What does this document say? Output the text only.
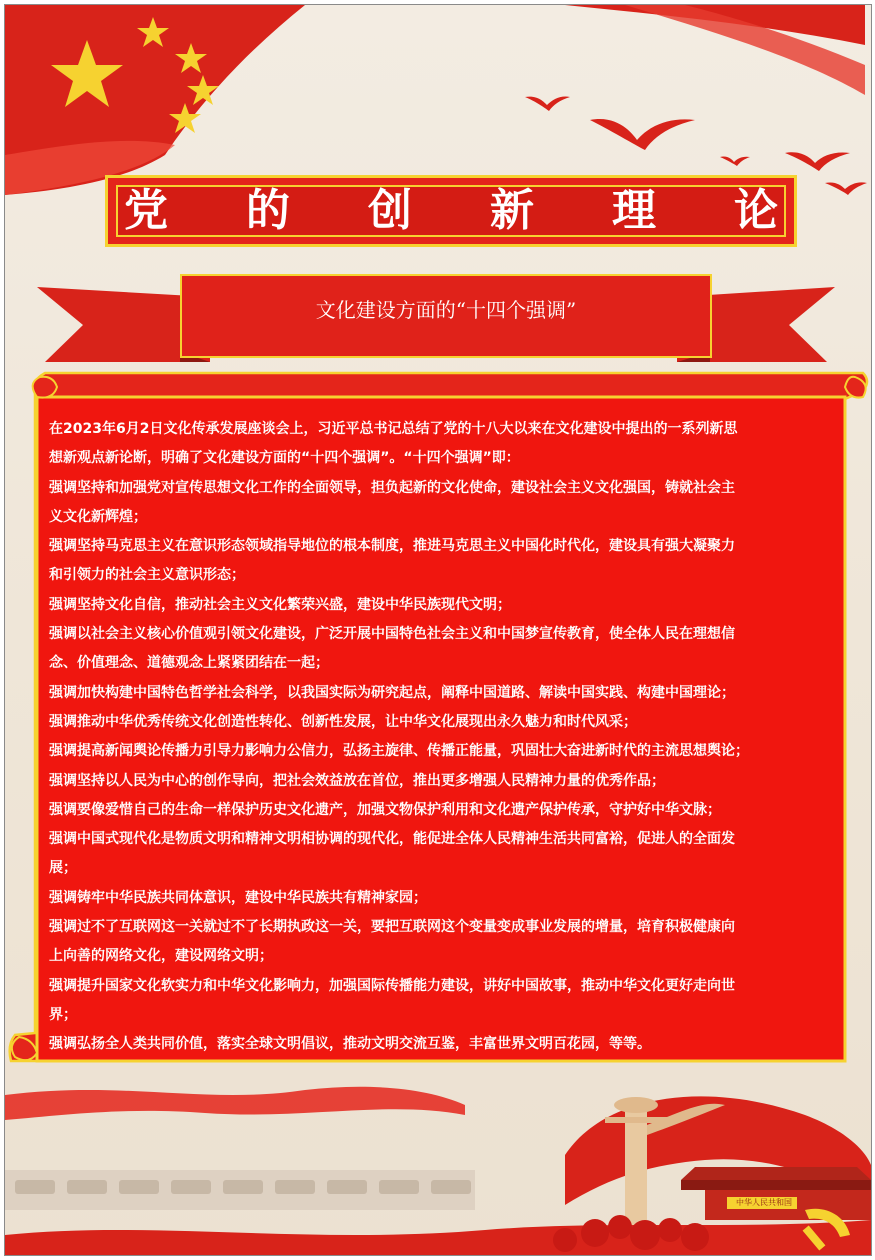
中华人民共和国
党 的 创 新 理 论
文化建设方面的“十四个强调”

在2023年6月2日文化传承发展座谈会上，习近平总书记总结了党的十八大以来在文化建设中提出的一系列新思

想新观点新论断，明确了文化建设方面的“十四个强调”。“十四个强调”即：

强调坚持和加强党对宣传思想文化工作的全面领导，担负起新的文化使命，建设社会主义文化强国，铸就社会主

义文化新辉煌；

强调坚持马克思主义在意识形态领域指导地位的根本制度，推进马克思主义中国化时代化，建设具有强大凝聚力

和引领力的社会主义意识形态；

强调坚持文化自信，推动社会主义文化繁荣兴盛，建设中华民族现代文明；

强调以社会主义核心价值观引领文化建设，广泛开展中国特色社会主义和中国梦宣传教育，使全体人民在理想信

念、价值理念、道德观念上紧紧团结在一起；

强调加快构建中国特色哲学社会科学，以我国实际为研究起点，阐释中国道路、解读中国实践、构建中国理论；

强调推动中华优秀传统文化创造性转化、创新性发展，让中华文化展现出永久魅力和时代风采；

强调提高新闻舆论传播力引导力影响力公信力，弘扬主旋律、传播正能量，巩固壮大奋进新时代的主流思想舆论；

强调坚持以人民为中心的创作导向，把社会效益放在首位，推出更多增强人民精神力量的优秀作品；

强调要像爱惜自己的生命一样保护历史文化遗产，加强文物保护利用和文化遗产保护传承，守护好中华文脉；

强调中国式现代化是物质文明和精神文明相协调的现代化，能促进全体人民精神生活共同富裕，促进人的全面发

展；

强调铸牢中华民族共同体意识，建设中华民族共有精神家园；

强调过不了互联网这一关就过不了长期执政这一关，要把互联网这个变量变成事业发展的增量，培育积极健康向

上向善的网络文化，建设网络文明；

强调提升国家文化软实力和中华文化影响力，加强国际传播能力建设，讲好中国故事，推动中华文化更好走向世

界；

强调弘扬全人类共同价值，落实全球文明倡议，推动文明交流互鉴，丰富世界文明百花园，等等。
